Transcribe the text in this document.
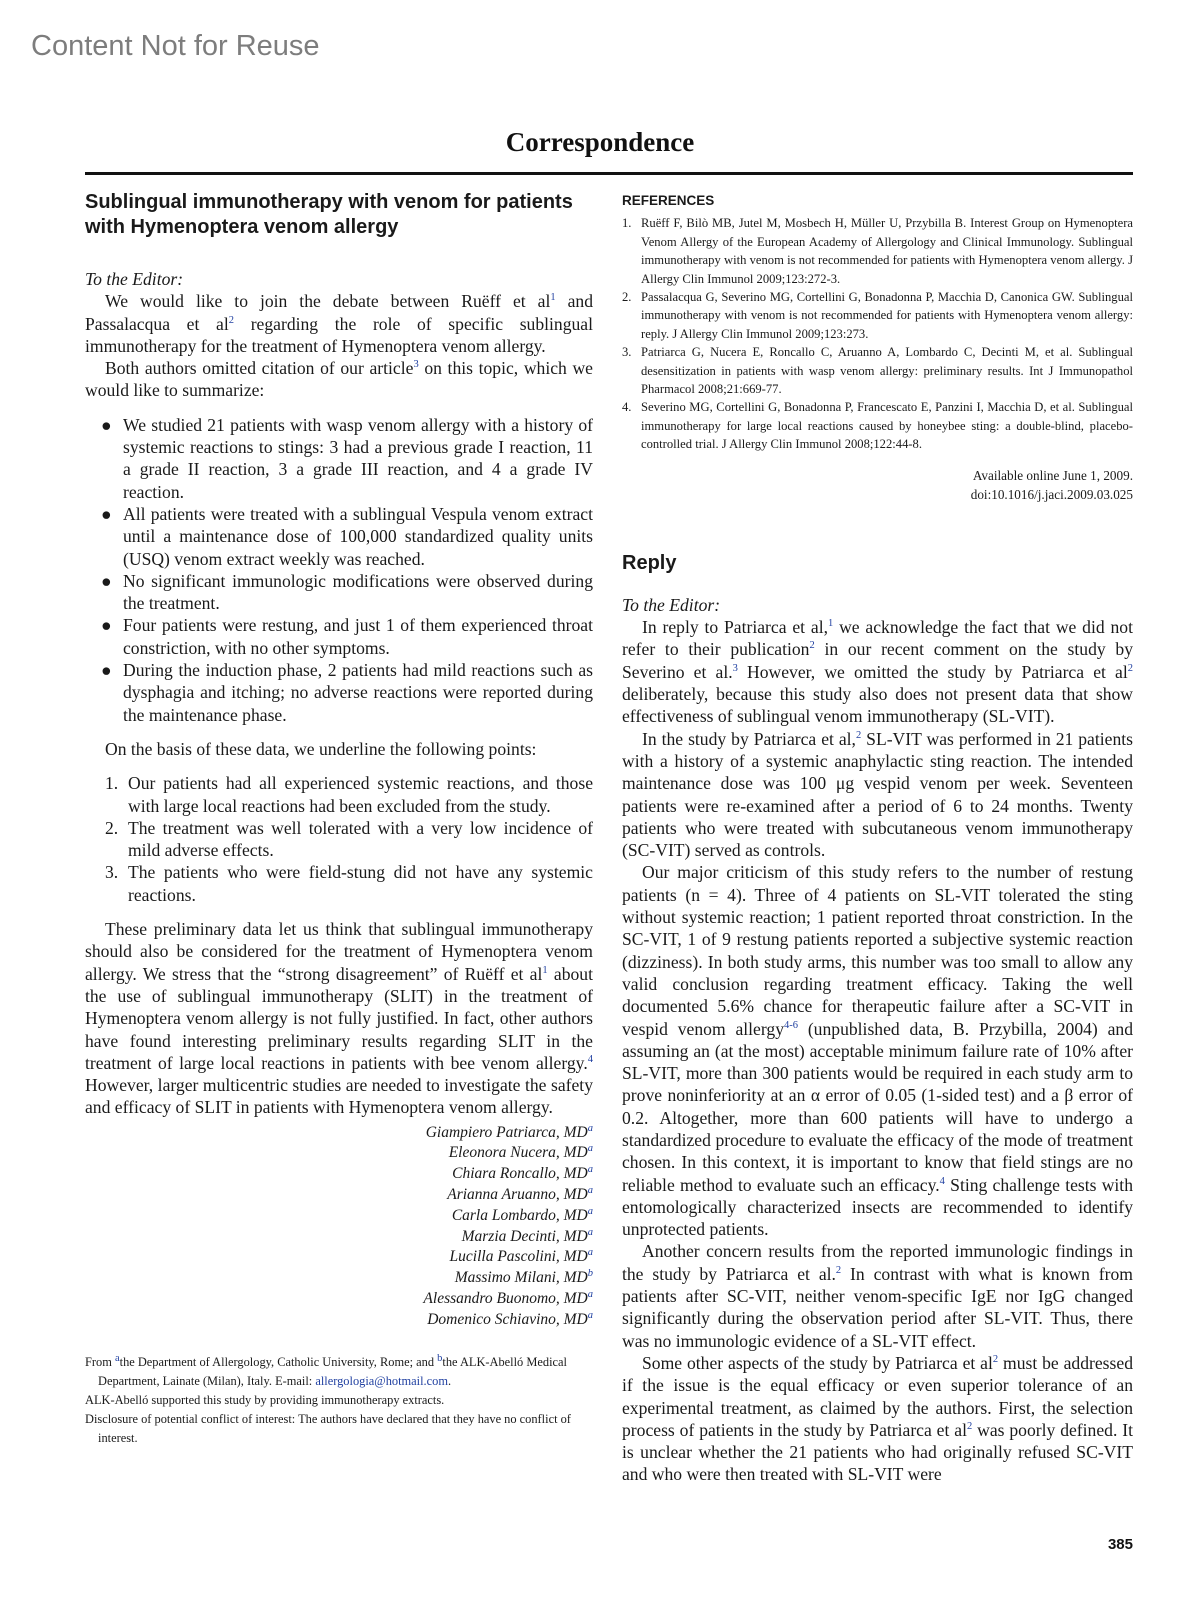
Content Not for Reuse
Correspondence
Sublingual immunotherapy with venom for patients with Hymenoptera venom allergy

To the Editor:

We would like to join the debate between Ruëff et $al^1$ and Passalacqua et $al^2$ regarding the role of specific sublingual immunotherapy for the treatment of Hymenoptera venom allergy.

Both authors omitted citation of our article$^3$ on this topic, which we would like to summarize:

● We studied 21 patients with wasp venom allergy with a history of systemic reactions to stings: 3 had a previous grade I reaction, 11 a grade II reaction, 3 a grade III reaction, and 4 a grade IV reaction.
● All patients were treated with a sublingual Vespula venom extract until a maintenance dose of 100,000 standardized quality units (USQ) venom extract weekly was reached.
● No significant immunologic modifications were observed during the treatment.
● Four patients were restung, and just 1 of them experienced throat constriction, with no other symptoms.
● During the induction phase, 2 patients had mild reactions such as dysphagia and itching; no adverse reactions were reported during the maintenance phase.

On the basis of these data, we underline the following points:

1. Our patients had all experienced systemic reactions, and those with large local reactions had been excluded from the study.
2. The treatment was well tolerated with a very low incidence of mild adverse effects.
3. The patients who were field-stung did not have any systemic reactions.

These preliminary data let us think that sublingual immunotherapy should also be considered for the treatment of Hymenoptera venom allergy. We stress that the “strong disagreement” of Ruëff et $al^1$ about the use of sublingual immunotherapy (SLIT) in the treatment of Hymenoptera venom allergy is not fully justified. In fact, other authors have found interesting preliminary results regarding SLIT in the treatment of large local reactions in patients with bee venom allergy.$^4$ However, larger multicentric studies are needed to investigate the safety and efficacy of SLIT in patients with Hymenoptera venom allergy.

Giampiero Patriarca, $MD^a$
Eleonora Nucera, $MD^a$
Chiara Roncallo, $MD^a$
Arianna Aruanno, $MD^a$
Carla Lombardo, $MD^a$
Marzia Decinti, $MD^a$
Lucilla Pascolini, $MD^a$
Massimo Milani, $MD^b$
Alessandro Buonomo, $MD^a$
Domenico Schiavino, $MD^a$

From $^a$the Department of Allergology, Catholic University, Rome; and $^b$the ALK-Abelló Medical Department, Lainate (Milan), Italy. E-mail: allergologia@hotmail.com.

ALK-Abelló supported this study by providing immunotherapy extracts.

Disclosure of potential conflict of interest: The authors have declared that they have no conflict of interest.

REFERENCES
1. Ruëff F, Bilò MB, Jutel M, Mosbech H, Müller U, Przybilla B. Interest Group on Hymenoptera Venom Allergy of the European Academy of Allergology and Clinical Immunology. Sublingual immunotherapy with venom is not recommended for patients with Hymenoptera venom allergy. J Allergy Clin Immunol 2009;123:272-3.
2. Passalacqua G, Severino MG, Cortellini G, Bonadonna P, Macchia D, Canonica GW. Sublingual immunotherapy with venom is not recommended for patients with Hymenoptera venom allergy: reply. J Allergy Clin Immunol 2009;123:273.
3. Patriarca G, Nucera E, Roncallo C, Aruanno A, Lombardo C, Decinti M, et al. Sublingual desensitization in patients with wasp venom allergy: preliminary results. Int J Immunopathol Pharmacol 2008;21:669-77.
4. Severino MG, Cortellini G, Bonadonna P, Francescato E, Panzini I, Macchia D, et al. Sublingual immunotherapy for large local reactions caused by honeybee sting: a double-blind, placebo-controlled trial. J Allergy Clin Immunol 2008;122:44-8.
Available online June 1, 2009.
doi:10.1016/j.jaci.2009.03.025
Reply

To the Editor:

In reply to Patriarca et al,$^1$ we acknowledge the fact that we did not refer to their publication$^2$ in our recent comment on the study by Severino et al.$^3$ However, we omitted the study by Patriarca et $al^2$ deliberately, because this study also does not present data that show effectiveness of sublingual venom immunotherapy (SL-VIT).

In the study by Patriarca et al,$^2$ SL-VIT was performed in 21 patients with a history of a systemic anaphylactic sting reaction. The intended maintenance dose was 100 μg vespid venom per week. Seventeen patients were re-examined after a period of 6 to 24 months. Twenty patients who were treated with subcutaneous venom immunotherapy (SC-VIT) served as controls.

Our major criticism of this study refers to the number of restung patients (n = 4). Three of 4 patients on SL-VIT tolerated the sting without systemic reaction; 1 patient reported throat constriction. In the SC-VIT, 1 of 9 restung patients reported a subjective systemic reaction (dizziness). In both study arms, this number was too small to allow any valid conclusion regarding treatment efficacy. Taking the well documented 5.6% chance for therapeutic failure after a SC-VIT in vespid venom allergy$^{4-6}$ (unpublished data, B. Przybilla, 2004) and assuming an (at the most) acceptable minimum failure rate of 10% after SL-VIT, more than 300 patients would be required in each study arm to prove noninferiority at an α error of 0.05 (1-sided test) and a β error of 0.2. Altogether, more than 600 patients will have to undergo a standardized procedure to evaluate the efficacy of the mode of treatment chosen. In this context, it is important to know that field stings are no reliable method to evaluate such an efficacy.$^4$ Sting challenge tests with entomologically characterized insects are recommended to identify unprotected patients.

Another concern results from the reported immunologic findings in the study by Patriarca et al.$^2$ In contrast with what is known from patients after SC-VIT, neither venom-specific IgE nor IgG changed significantly during the observation period after SL-VIT. Thus, there was no immunologic evidence of a SL-VIT effect.

Some other aspects of the study by Patriarca et $al^2$ must be addressed if the issue is the equal efficacy or even superior tolerance of an experimental treatment, as claimed by the authors. First, the selection process of patients in the study by Patriarca et $al^2$ was poorly defined. It is unclear whether the 21 patients who had originally refused SC-VIT and who were then treated with SL-VIT were

385
